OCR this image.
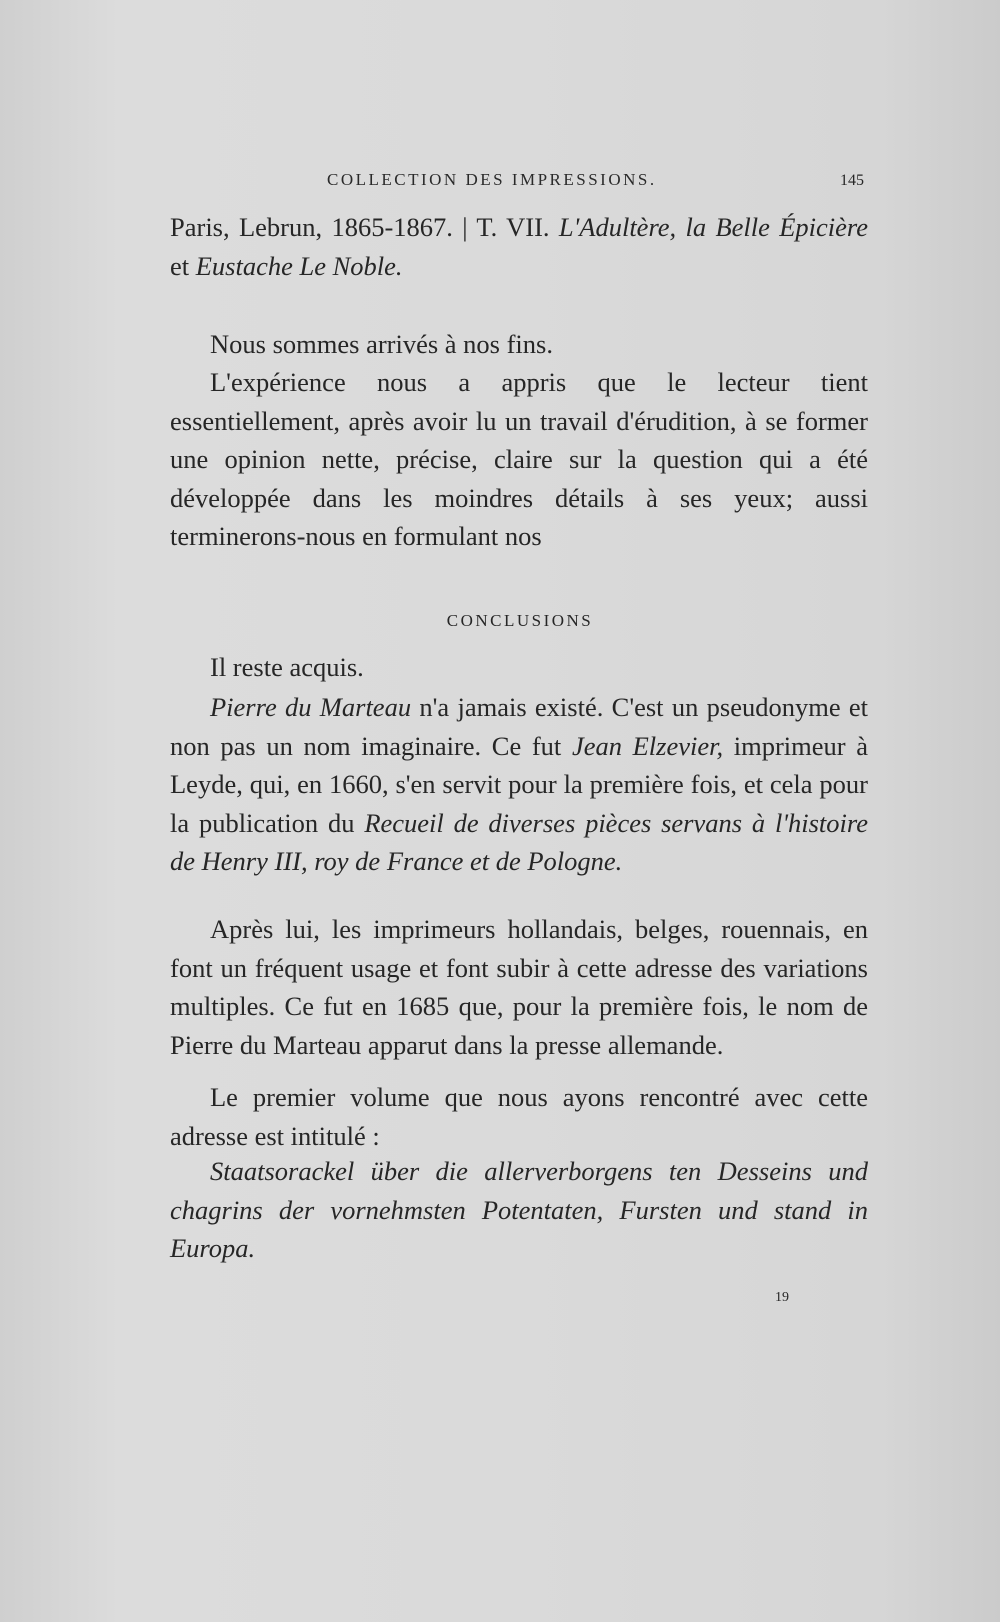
COLLECTION DES IMPRESSIONS.	145

Paris, Lebrun, 1865-1867. | T. VII. L'Adultère, la Belle Épicière et Eustache Le Noble.

Nous sommes arrivés à nos fins.

L'expérience nous a appris que le lecteur tient essentiellement, après avoir lu un travail d'érudition, à se former une opinion nette, précise, claire sur la question qui a été développée dans les moindres détails à ses yeux; aussi terminerons-nous en formulant nos

CONCLUSIONS

Il reste acquis.

Pierre du Marteau n'a jamais existé. C'est un pseudonyme et non pas un nom imaginaire. Ce fut Jean Elzevier, imprimeur à Leyde, qui, en 1660, s'en servit pour la première fois, et cela pour la publication du Recueil de diverses pièces servans à l'histoire de Henry III, roy de France et de Pologne.

Après lui, les imprimeurs hollandais, belges, rouennais, en font un fréquent usage et font subir à cette adresse des variations multiples. Ce fut en 1685 que, pour la première fois, le nom de Pierre du Marteau apparut dans la presse allemande.

Le premier volume que nous ayons rencontré avec cette adresse est intitulé :

Staatsorackel über die allerverborgens ten Desseins und chagrins der vornehmsten Potentaten, Fursten und stand in Europa.

19
